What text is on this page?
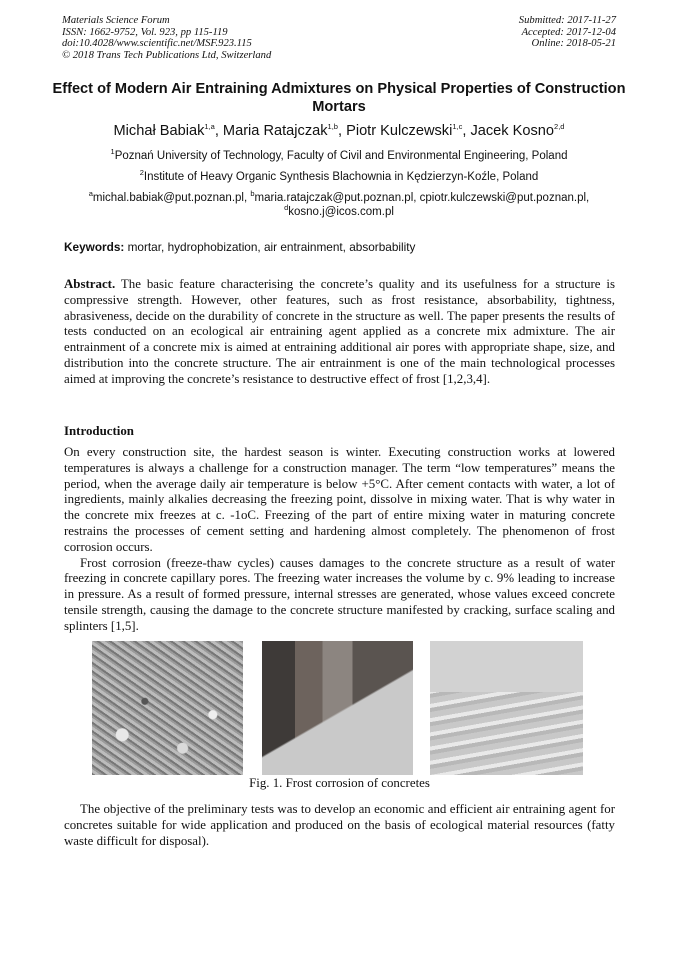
Materials Science Forum
ISSN: 1662-9752, Vol. 923, pp 115-119
doi:10.4028/www.scientific.net/MSF.923.115
© 2018 Trans Tech Publications Ltd, Switzerland
Submitted: 2017-11-27
Accepted: 2017-12-04
Online: 2018-05-21
Effect of Modern Air Entraining Admixtures on Physical Properties of Construction Mortars
Michał Babiak$^{1,a}$, Maria Ratajczak$^{1,b}$, Piotr Kulczewski$^{1,c}$, Jacek Kosno$^{2,d}$
$^1$Poznań University of Technology, Faculty of Civil and Environmental Engineering, Poland
$^2$Institute of Heavy Organic Synthesis Blachownia in Kędzierzyn-Koźle, Poland
$^a$michal.babiak@put.poznan.pl, $^b$maria.ratajczak@put.poznan.pl, cpiotr.kulczewski@put.poznan.pl,
$^d$kosno.j@icos.com.pl
Keywords: mortar, hydrophobization, air entrainment, absorbability

Abstract. The basic feature characterising the concrete’s quality and its usefulness for a structure is compressive strength. However, other features, such as frost resistance, absorbability, tightness, abrasiveness, decide on the durability of concrete in the structure as well. The paper presents the results of tests conducted on an ecological air entraining agent applied as a concrete mix admixture. The air entrainment of a concrete mix is aimed at entraining additional air pores with appropriate shape, size, and distribution into the concrete structure. The air entrainment is one of the main technological processes aimed at improving the concrete’s resistance to destructive effect of frost [1,2,3,4].

Introduction

On every construction site, the hardest season is winter. Executing construction works at lowered temperatures is always a challenge for a construction manager. The term “low temperatures” means the period, when the average daily air temperature is below +5°C. After cement contacts with water, a lot of ingredients, mainly alkalies decreasing the freezing point, dissolve in mixing water. That is why water in the concrete mix freezes at c. -1oC. Freezing of the part of entire mixing water in maturing concrete restrains the processes of cement setting and hardening almost completely. The phenomenon of frost corrosion occurs.

Frost corrosion (freeze-thaw cycles) causes damages to the concrete structure as a result of water freezing in concrete capillary pores. The freezing water increases the volume by c. 9% leading to increase in pressure. As a result of formed pressure, internal stresses are generated, whose values exceed concrete tensile strength, causing the damage to the concrete structure manifested by cracking, surface scaling and splinters [1,5].

Fig. 1. Frost corrosion of concretes

The objective of the preliminary tests was to develop an economic and efficient air entraining agent for concretes suitable for wide application and produced on the basis of ecological material resources (fatty waste difficult for disposal).
